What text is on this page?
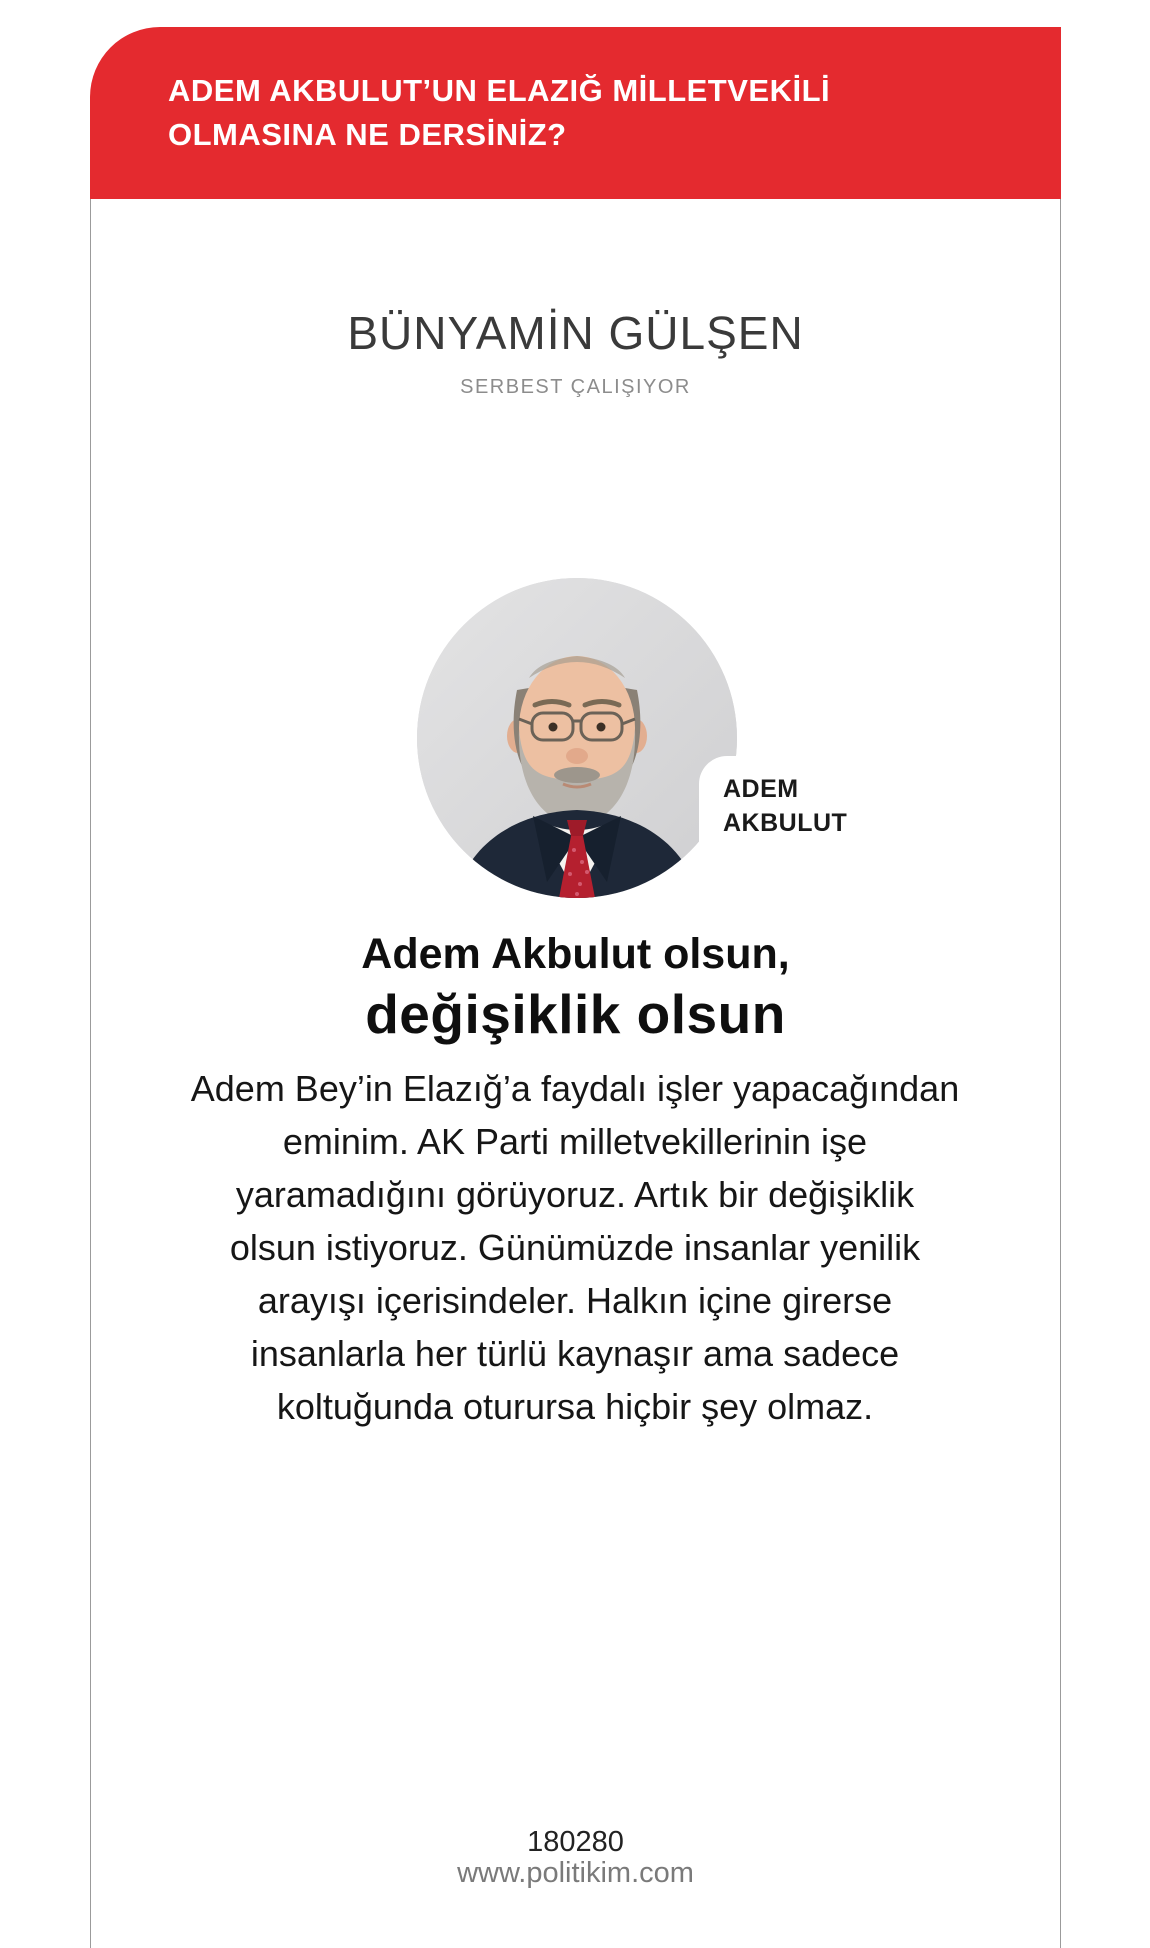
ADEM AKBULUT’UN ELAZIĞ MİLLETVEKİLİ
OLMASINA NE DERSİNİZ?
BÜNYAMİN GÜLŞEN
SERBEST ÇALIŞIYOR
ADEM
AKBULUT
Adem Akbulut olsun,
değişiklik olsun
Adem Bey’in Elazığ’a faydalı işler yapacağından
eminim. AK Parti milletvekillerinin işe
yaramadığını görüyoruz. Artık bir değişiklik
olsun istiyoruz. Günümüzde insanlar yenilik
arayışı içerisindeler. Halkın içine girerse
insanlarla her türlü kaynaşır ama sadece
koltuğunda oturursa hiçbir şey olmaz.
180280
www.politikim.com
